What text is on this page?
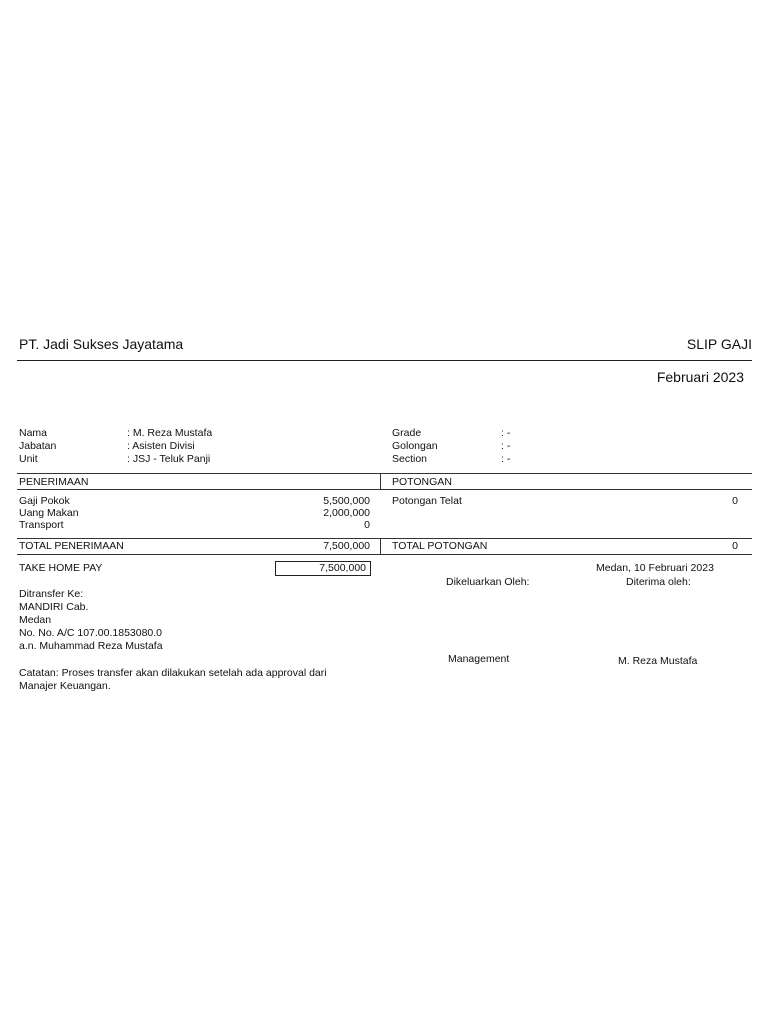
PT. Jadi Sukses Jayatama	SLIP GAJI
Februari 2023
Nama	: M. Reza Mustafa
Jabatan	: Asisten Divisi
Unit	: JSJ - Teluk Panji
Grade	: -
Golongan	: -
Section	: -
PENERIMAAN	POTONGAN
Gaji Pokok	5,500,000
Uang Makan	2,000,000
Transport	0
Potongan Telat	0
TOTAL PENERIMAAN	7,500,000 TOTAL POTONGAN	0
TAKE HOME PAY	7,500,000
Ditransfer Ke:
MANDIRI Cab.
Medan
No. No. A/C 107.00.1853080.0
a.n. Muhammad Reza Mustafa
Catatan: Proses transfer akan dilakukan setelah ada approval dari
Manajer Keuangan.
Medan, 10 Februari 2023
Dikeluarkan Oleh:	Diterima oleh:
Management	M. Reza Mustafa
